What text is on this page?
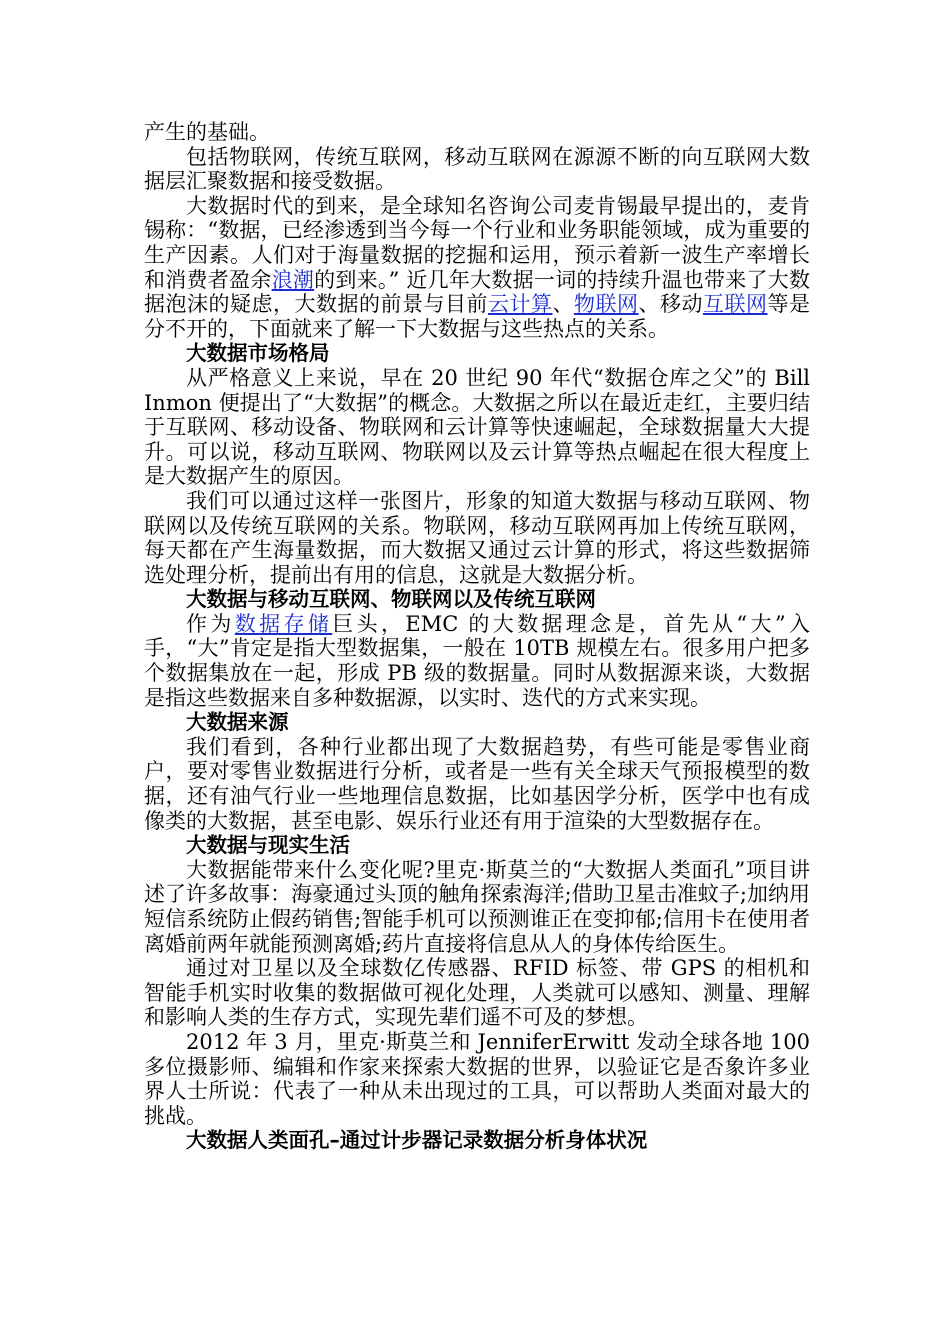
产生的基础。

包括物联网，传统互联网，移动互联网在源源不断的向互联网大数据层汇聚数据和接受数据。

大数据时代的到来，是全球知名咨询公司麦肯锡最早提出的，麦肯锡称：“数据，已经渗透到当今每一个行业和业务职能领域，成为重要的生产因素。人们对于海量数据的挖掘和运用，预示着新一波生产率增长和消费者盈余浪潮的到来。” 近几年大数据一词的持续升温也带来了大数据泡沫的疑虑，大数据的前景与目前云计算、物联网、移动互联网等是分不开的，下面就来了解一下大数据与这些热点的关系。

大数据市场格局

从严格意义上来说，早在 20 世纪 90 年代“数据仓库之父”的 Bill Inmon 便提出了“大数据”的概念。大数据之所以在最近走红，主要归结于互联网、移动设备、物联网和云计算等快速崛起，全球数据量大大提升。可以说，移动互联网、物联网以及云计算等热点崛起在很大程度上是大数据产生的原因。

我们可以通过这样一张图片，形象的知道大数据与移动互联网、物联网以及传统互联网的关系。物联网，移动互联网再加上传统互联网，每天都在产生海量数据，而大数据又通过云计算的形式，将这些数据筛选处理分析，提前出有用的信息，这就是大数据分析。

大数据与移动互联网、物联网以及传统互联网

作为数据存储巨头，EMC 的大数据理念是，首先从“大”入手，“大”肯定是指大型数据集，一般在 10TB 规模左右。很多用户把多个数据集放在一起，形成 PB 级的数据量。同时从数据源来谈，大数据是指这些数据来自多种数据源，以实时、迭代的方式来实现。

大数据来源

我们看到，各种行业都出现了大数据趋势，有些可能是零售业商户，要对零售业数据进行分析，或者是一些有关全球天气预报模型的数据，还有油气行业一些地理信息数据，比如基因学分析，医学中也有成像类的大数据，甚至电影、娱乐行业还有用于渲染的大型数据存在。

大数据与现实生活

大数据能带来什么变化呢?里克·斯莫兰的“大数据人类面孔”项目讲述了许多故事：海豪通过头顶的触角探索海洋;借助卫星击准蚊子;加纳用短信系统防止假药销售;智能手机可以预测谁正在变抑郁;信用卡在使用者离婚前两年就能预测离婚;药片直接将信息从人的身体传给医生。

通过对卫星以及全球数亿传感器、RFID 标签、带 GPS 的相机和智能手机实时收集的数据做可视化处理，人类就可以感知、测量、理解和影响人类的生存方式，实现先辈们遥不可及的梦想。

2012 年 3 月，里克·斯莫兰和 JenniferErwitt 发动全球各地 100 多位摄影师、编辑和作家来探索大数据的世界，以验证它是否象许多业界人士所说：代表了一种从未出现过的工具，可以帮助人类面对最大的挑战。

大数据人类面孔–通过计步器记录数据分析身体状况
